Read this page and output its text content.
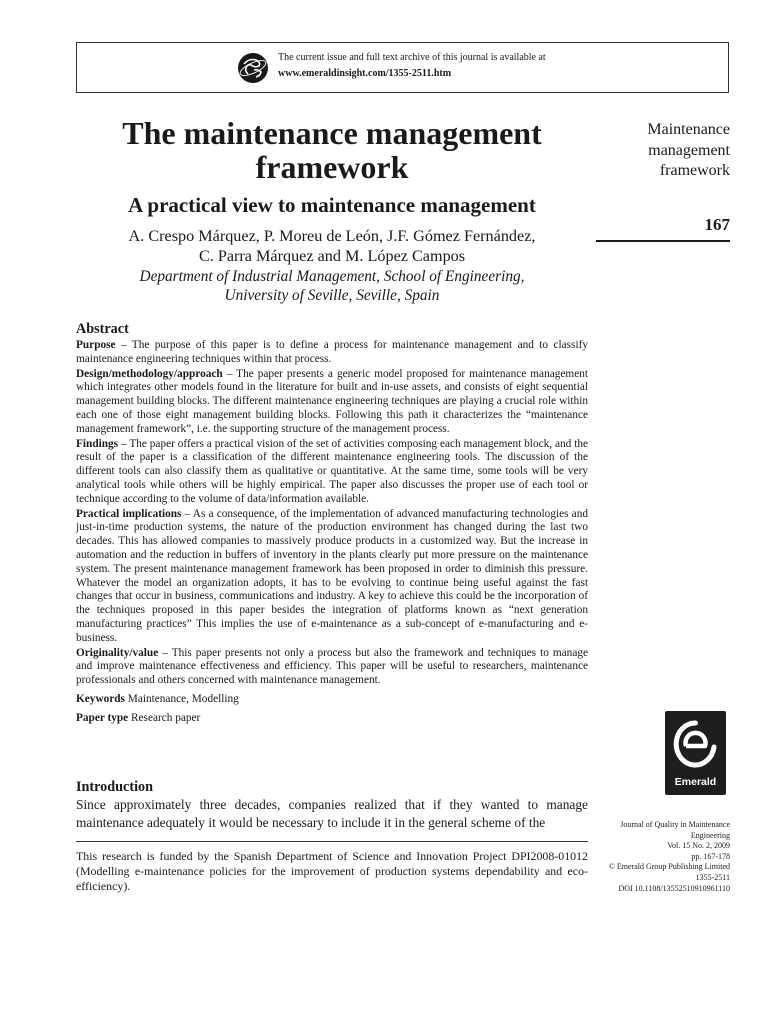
The current issue and full text archive of this journal is available at
www.emeraldinsight.com/1355-2511.htm
The maintenance management
framework
A practical view to maintenance management
A. Crespo Márquez, P. Moreu de León, J.F. Gómez Fernández,
C. Parra Márquez and M. López Campos
Department of Industrial Management, School of Engineering,
University of Seville, Seville, Spain
Maintenance
management
framework
167
Abstract

Purpose – The purpose of this paper is to define a process for maintenance management and to classify maintenance engineering techniques within that process.

Design/methodology/approach – The paper presents a generic model proposed for maintenance management which integrates other models found in the literature for built and in-use assets, and consists of eight sequential management building blocks. The different maintenance engineering techniques are playing a crucial role within each one of those eight management building blocks. Following this path it characterizes the “maintenance management framework”, i.e. the supporting structure of the management process.

Findings – The paper offers a practical vision of the set of activities composing each management block, and the result of the paper is a classification of the different maintenance engineering tools. The discussion of the different tools can also classify them as qualitative or quantitative. At the same time, some tools will be very analytical tools while others will be highly empirical. The paper also discusses the proper use of each tool or technique according to the volume of data/information available.

Practical implications – As a consequence, of the implementation of advanced manufacturing technologies and just-in-time production systems, the nature of the production environment has changed during the last two decades. This has allowed companies to massively produce products in a customized way. But the increase in automation and the reduction in buffers of inventory in the plants clearly put more pressure on the maintenance system. The present maintenance management framework has been proposed in order to diminish this pressure. Whatever the model an organization adopts, it has to be evolving to continue being useful against the fast changes that occur in business, communications and industry. A key to achieve this could be the incorporation of the techniques proposed in this paper besides the integration of platforms known as “next generation manufacturing practices” This implies the use of e-maintenance as a sub-concept of e-manufacturing and e-business.

Originality/value – This paper presents not only a process but also the framework and techniques to manage and improve maintenance effectiveness and efficiency. This paper will be useful to researchers, maintenance professionals and others concerned with maintenance management.

Keywords Maintenance, Modelling

Paper type Research paper

Introduction
Since approximately three decades, companies realized that if they wanted to manage maintenance adequately it would be necessary to include it in the general scheme of the
This research is funded by the Spanish Department of Science and Innovation Project DPI2008-01012 (Modelling e-maintenance policies for the improvement of production systems dependability and eco-efficiency).
Emerald
Journal of Quality in Maintenance
Engineering
Vol. 15 No. 2, 2009
pp. 167-178
© Emerald Group Publishing Limited
1355-2511
DOI 10.1108/13552510910961110
